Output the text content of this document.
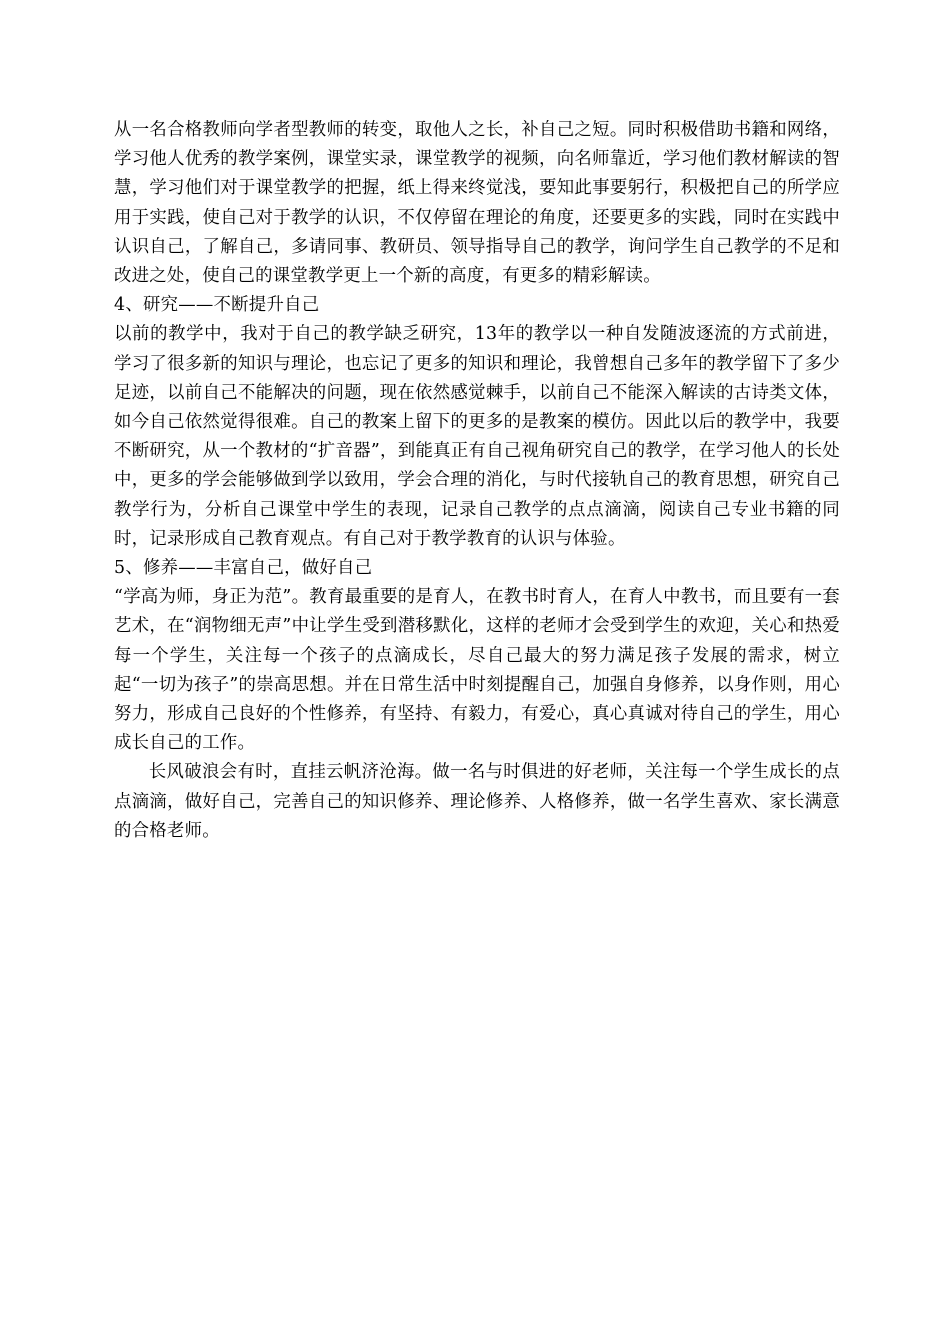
从一名合格教师向学者型教师的转变，取他人之长，补自己之短。同时积极借助书籍和网络，学习他人优秀的教学案例，课堂实录，课堂教学的视频，向名师靠近，学习他们教材解读的智慧，学习他们对于课堂教学的把握，纸上得来终觉浅，要知此事要躬行，积极把自己的所学应用于实践，使自己对于教学的认识，不仅停留在理论的角度，还要更多的实践，同时在实践中认识自己，了解自己，多请同事、教研员、领导指导自己的教学，询问学生自己教学的不足和改进之处，使自己的课堂教学更上一个新的高度，有更多的精彩解读。

4、研究——不断提升自己

以前的教学中，我对于自己的教学缺乏研究，13年的教学以一种自发随波逐流的方式前进，学习了很多新的知识与理论，也忘记了更多的知识和理论，我曾想自己多年的教学留下了多少足迹，以前自己不能解决的问题，现在依然感觉棘手，以前自己不能深入解读的古诗类文体，如今自己依然觉得很难。自己的教案上留下的更多的是教案的模仿。因此以后的教学中，我要不断研究，从一个教材的“扩音器”，到能真正有自己视角研究自己的教学，在学习他人的长处中，更多的学会能够做到学以致用，学会合理的消化，与时代接轨自己的教育思想，研究自己教学行为，分析自己课堂中学生的表现，记录自己教学的点点滴滴，阅读自己专业书籍的同时，记录形成自己教育观点。有自己对于教学教育的认识与体验。

5、修养——丰富自己，做好自己

“学高为师，身正为范”。教育最重要的是育人，在教书时育人，在育人中教书，而且要有一套艺术，在“润物细无声”中让学生受到潜移默化，这样的老师才会受到学生的欢迎，关心和热爱每一个学生，关注每一个孩子的点滴成长，尽自己最大的努力满足孩子发展的需求，树立起“一切为孩子”的崇高思想。并在日常生活中时刻提醒自己，加强自身修养，以身作则，用心努力，形成自己良好的个性修养，有坚持、有毅力，有爱心，真心真诚对待自己的学生，用心成长自己的工作。

长风破浪会有时，直挂云帆济沧海。做一名与时俱进的好老师，关注每一个学生成长的点点滴滴，做好自己，完善自己的知识修养、理论修养、人格修养，做一名学生喜欢、家长满意的合格老师。
